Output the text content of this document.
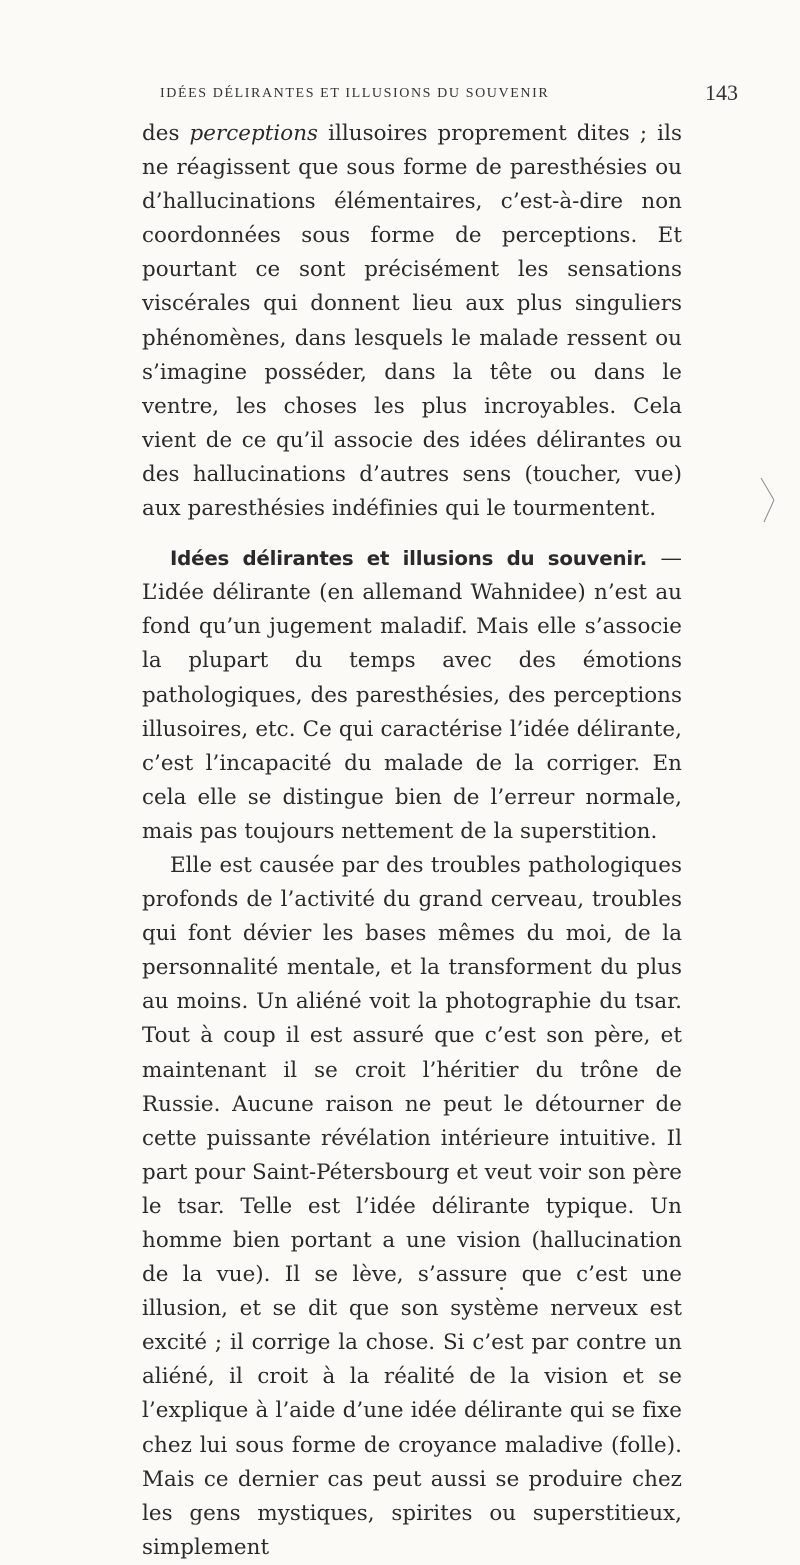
IDÉES DÉLIRANTES ET ILLUSIONS DU SOUVENIR	143

des perceptions illusoires proprement dites ; ils ne réagissent que sous forme de paresthésies ou d’hallucinations élémentaires, c’est-à-dire non coordonnées sous forme de perceptions. Et pourtant ce sont précisément les sensations viscérales qui donnent lieu aux plus singuliers phénomènes, dans lesquels le malade ressent ou s’imagine posséder, dans la tête ou dans le ventre, les choses les plus incroyables. Cela vient de ce qu’il associe des idées délirantes ou des hallucinations d’autres sens (toucher, vue) aux paresthésies indéfinies qui le tourmentent.

Idées délirantes et illusions du souvenir. — L’idée délirante (en allemand Wahnidee) n’est au fond qu’un jugement maladif. Mais elle s’associe la plupart du temps avec des émotions pathologiques, des paresthésies, des perceptions illusoires, etc. Ce qui caractérise l’idée délirante, c’est l’incapacité du malade de la corriger. En cela elle se distingue bien de l’erreur normale, mais pas toujours nettement de la superstition.

Elle est causée par des troubles pathologiques profonds de l’activité du grand cerveau, troubles qui font dévier les bases mêmes du moi, de la personnalité mentale, et la transforment du plus au moins. Un aliéné voit la photographie du tsar. Tout à coup il est assuré que c’est son père, et maintenant il se croit l’héritier du trône de Russie. Aucune raison ne peut le détourner de cette puissante révélation intérieure intuitive. Il part pour Saint-Pétersbourg et veut voir son père le tsar. Telle est l’idée délirante typique. Un homme bien portant a une vision (hallucination de la vue). Il se lève, s’assure que c’est une illusion, et se dit que son système nerveux est excité ; il corrige la chose. Si c’est par contre un aliéné, il croit à la réalité de la vision et se l’explique à l’aide d’une idée délirante qui se fixe chez lui sous forme de croyance maladive (folle). Mais ce dernier cas peut aussi se produire chez les gens mystiques, spirites ou superstitieux, simplement
